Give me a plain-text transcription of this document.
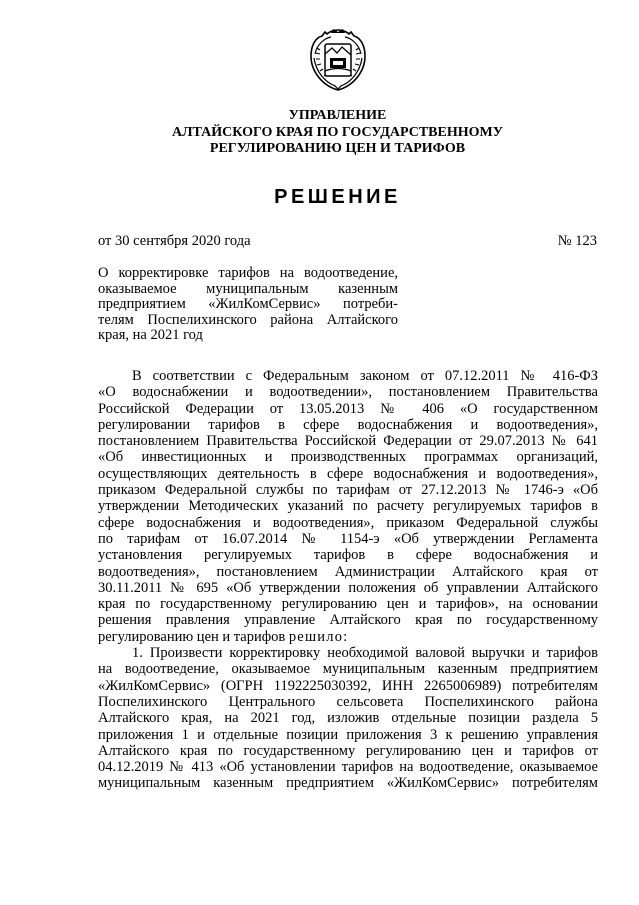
УПРАВЛЕНИЕ
АЛТАЙСКОГО КРАЯ ПО ГОСУДАРСТВЕННОМУ
РЕГУЛИРОВАНИЮ ЦЕН И ТАРИФОВ
РЕШЕНИЕ
от 30 сентября 2020 года	№ 123
О корректировке тарифов на водоотведение,
оказываемое муниципальным казенным
предприятием «ЖилКомСервис» потреби-
телям Поспелихинского района Алтайского
края, на 2021 год
В соответствии с Федеральным законом от 07.12.2011 № 416-ФЗ
«О водоснабжении и водоотведении», постановлением Правительства
Российской Федерации от 13.05.2013 № 406 «О государственном
регулировании тарифов в сфере водоснабжения и водоотведения»,
постановлением Правительства Российской Федерации от 29.07.2013 № 641
«Об инвестиционных и производственных программах организаций,
осуществляющих деятельность в сфере водоснабжения и водоотведения»,
приказом Федеральной службы по тарифам от 27.12.2013 № 1746-э «Об
утверждении Методических указаний по расчету регулируемых тарифов в
сфере водоснабжения и водоотведения», приказом Федеральной службы
по тарифам от 16.07.2014 № 1154-э «Об утверждении Регламента
установления регулируемых тарифов в сфере водоснабжения и
водоотведения», постановлением Администрации Алтайского края от
30.11.2011 № 695 «Об утверждении положения об управлении Алтайского
края по государственному регулированию цен и тарифов», на основании
решения правления управление Алтайского края по государственному
регулированию цен и тарифов решило:
1. Произвести корректировку необходимой валовой выручки и тарифов
на водоотведение, оказываемое муниципальным казенным предприятием
«ЖилКомСервис» (ОГРН 1192225030392, ИНН 2265006989) потребителям
Поспелихинского Центрального сельсовета Поспелихинского района
Алтайского края, на 2021 год, изложив отдельные позиции раздела 5
приложения 1 и отдельные позиции приложения 3 к решению управления
Алтайского края по государственному регулированию цен и тарифов от
04.12.2019 № 413 «Об установлении тарифов на водоотведение, оказываемое
муниципальным казенным предприятием «ЖилКомСервис» потребителям
